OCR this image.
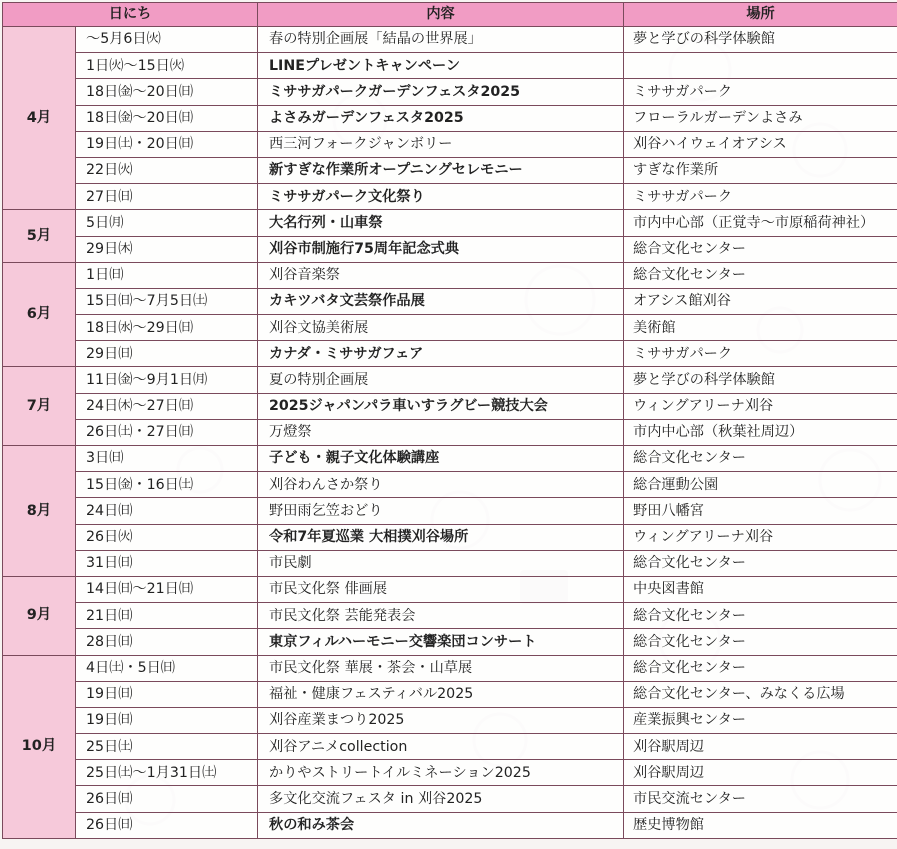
日にち		内容	場所
4月	～5月6日㈫	春の特別企画展「結晶の世界展」	夢と学びの科学体験館
	1日㈫～15日㈫	LINEプレゼントキャンペーン	
	18日㈮～20日㈰	ミササガパークガーデンフェスタ2025	ミササガパーク
	18日㈮～20日㈰	よさみガーデンフェスタ2025	フローラルガーデンよさみ
	19日㈯・20日㈰	西三河フォークジャンボリー	刈谷ハイウェイオアシス
	22日㈫	新すぎな作業所オープニングセレモニー	すぎな作業所
	27日㈰	ミササガパーク文化祭り	ミササガパーク
5月	5日㈪	大名行列・山車祭	市内中心部（正覚寺～市原稲荷神社）
	29日㈭	刈谷市制施行75周年記念式典	総合文化センター
6月	1日㈰	刈谷音楽祭	総合文化センター
	15日㈰～7月5日㈯	カキツバタ文芸祭作品展	オアシス館刈谷
	18日㈬～29日㈰	刈谷文協美術展	美術館
	29日㈰	カナダ・ミササガフェア	ミササガパーク
7月	11日㈮～9月1日㈪	夏の特別企画展	夢と学びの科学体験館
	24日㈭～27日㈰	2025ジャパンパラ車いすラグビー競技大会	ウィングアリーナ刈谷
	26日㈯・27日㈰	万燈祭	市内中心部（秋葉社周辺）
8月	3日㈰	子ども・親子文化体験講座	総合文化センター
	15日㈮・16日㈯	刈谷わんさか祭り	総合運動公園
	24日㈰	野田雨乞笠おどり	野田八幡宮
	26日㈫	令和7年夏巡業 大相撲刈谷場所	ウィングアリーナ刈谷
	31日㈰	市民劇	総合文化センター
9月	14日㈰～21日㈰	市民文化祭 俳画展	中央図書館
	21日㈰	市民文化祭 芸能発表会	総合文化センター
	28日㈰	東京フィルハーモニー交響楽団コンサート	総合文化センター
10月	4日㈯・5日㈰	市民文化祭 華展・茶会・山草展	総合文化センター
	19日㈰	福祉・健康フェスティバル2025	総合文化センター、みなくる広場
	19日㈰	刈谷産業まつり2025	産業振興センター
	25日㈯	刈谷アニメcollection	刈谷駅周辺
	25日㈯～1月31日㈯	かりやストリートイルミネーション2025	刈谷駅周辺
	26日㈰	多文化交流フェスタ in 刈谷2025	市民交流センター
	26日㈰	秋の和み茶会	歴史博物館
